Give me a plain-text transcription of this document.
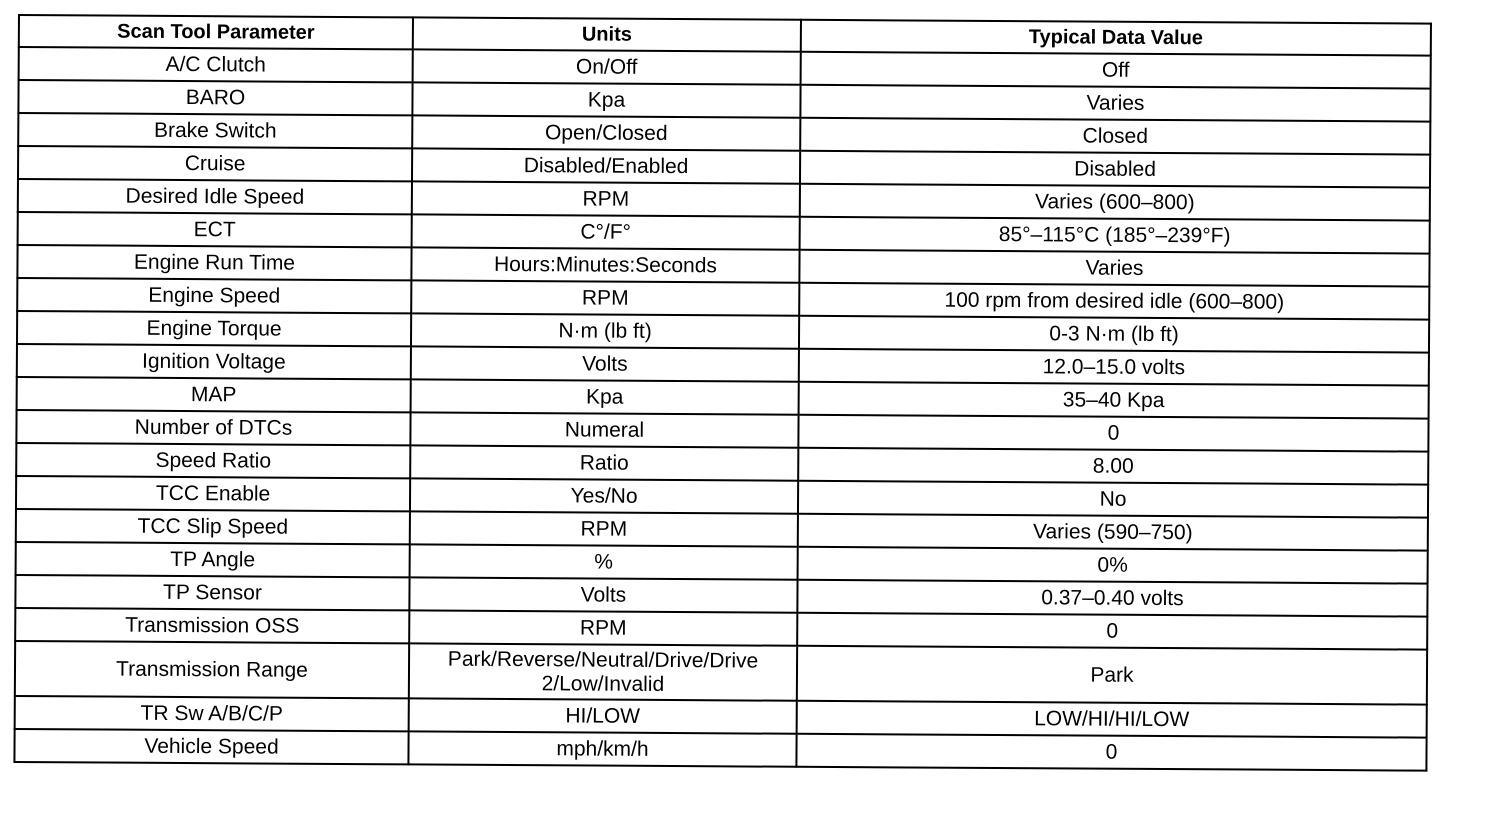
Scan Tool Parameter	Units	Typical Data Value
A/C Clutch	On/Off	Off
BARO	Kpa	Varies
Brake Switch	Open/Closed	Closed
Cruise	Disabled/Enabled	Disabled
Desired Idle Speed	RPM	Varies (600–800)
ECT	C°/F°	85°–115°C (185°–239°F)
Engine Run Time	Hours:Minutes:Seconds	Varies
Engine Speed	RPM	100 rpm from desired idle (600–800)
Engine Torque	N·m (lb ft)	0-3 N·m (lb ft)
Ignition Voltage	Volts	12.0–15.0 volts
MAP	Kpa	35–40 Kpa
Number of DTCs	Numeral	0
Speed Ratio	Ratio	8.00
TCC Enable	Yes/No	No
TCC Slip Speed	RPM	Varies (590–750)
TP Angle	%	0%
TP Sensor	Volts	0.37–0.40 volts
Transmission OSS	RPM	0
Transmission Range	Park/Reverse/Neutral/Drive/Drive 2/Low/Invalid	Park
TR Sw A/B/C/P	HI/LOW	LOW/HI/HI/LOW
Vehicle Speed	mph/km/h	0
